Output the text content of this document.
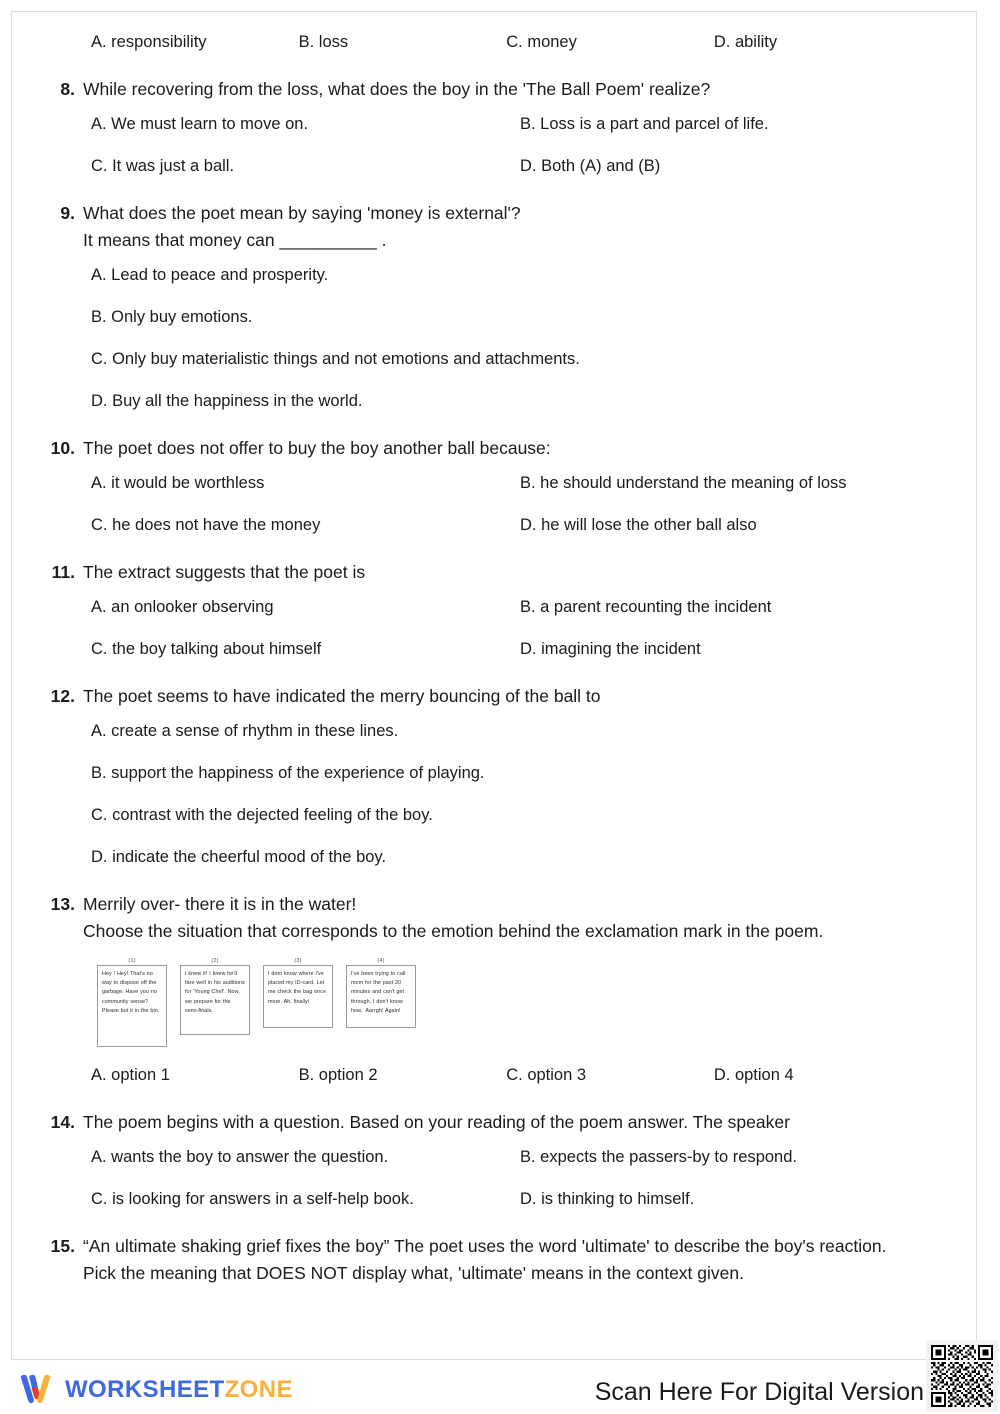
A. responsibility	B. loss	C. money	D. ability
8. While recovering from the loss, what does the boy in the 'The Ball Poem' realize?
A. We must learn to move on.	B. Loss is a part and parcel of life.
C. It was just a ball.	D. Both (A) and (B)
9. What does the poet mean by saying 'money is external'?
It means that money can __________ .
A. Lead to peace and prosperity.
B. Only buy emotions.
C. Only buy materialistic things and not emotions and attachments.
D. Buy all the happiness in the world.
10. The poet does not offer to buy the boy another ball because:
A. it would be worthless	B. he should understand the meaning of loss
C. he does not have the money	D. he will lose the other ball also
11. The extract suggests that the poet is
A. an onlooker observing	B. a parent recounting the incident
C. the boy talking about himself	D. imagining the incident
12. The poet seems to have indicated the merry bouncing of the ball to
A. create a sense of rhythm in these lines.
B. support the happiness of the experience of playing.
C. contrast with the dejected feeling of the boy.
D. indicate the cheerful mood of the boy.
13. Merrily over- there it is in the water!
Choose the situation that corresponds to the emotion behind the exclamation mark in the poem.
(1)
Hey ! Hey! That's no way to dispose off the garbage. Have you no community sense? Please but it in the bin.
(2)
I knew it! I knew he'll fare well in his auditions for 'Young Chef'. Now, we prepare for the semi-finals.
(3)
I dont know where I've placed my ID-card. Let me check the bag once more. Ah, finally!
(4)
I've been trying to call mom for the past 20 minutes and can't get through. I don't know how.. Aarrgh! Again!
A. option 1	B. option 2	C. option 3	D. option 4
14. The poem begins with a question. Based on your reading of the poem answer. The speaker
A. wants the boy to answer the question.	B. expects the passers-by to respond.
C. is looking for answers in a self-help book.	D. is thinking to himself.
15. “An ultimate shaking grief fixes the boy” The poet uses the word 'ultimate' to describe the boy's reaction.
Pick the meaning that DOES NOT display what, 'ultimate' means in the context given.
WORKSHEETZONE	Scan Here For Digital Version
